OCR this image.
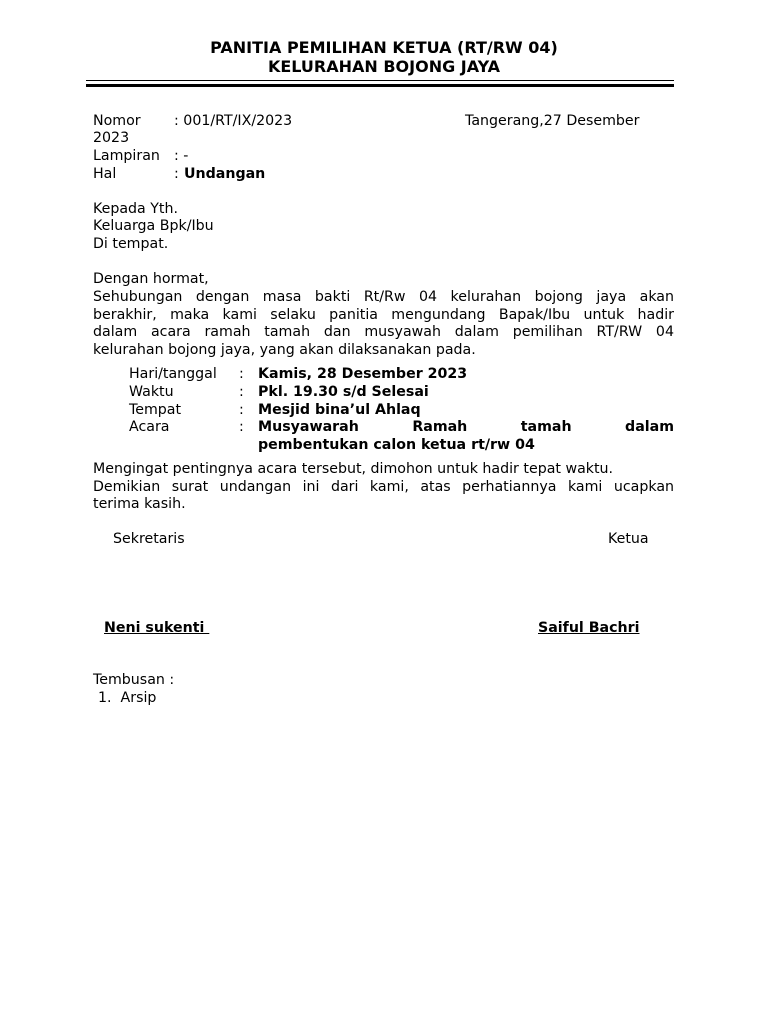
PANITIA PEMILIHAN KETUA (RT/RW 04)
KELURAHAN BOJONG JAYA
Nomor : 001/RT/IX/2023	Tangerang,27 Desember
2023
Lampiran : -
Hal	: Undangan
Kepada Yth.
Keluarga Bpk/Ibu
Di tempat.
Dengan hormat,
Sehubungan dengan masa bakti Rt/Rw 04 kelurahan bojong jaya akan
berakhir, maka kami selaku panitia mengundang Bapak/Ibu untuk hadir
dalam acara ramah tamah dan musyawah dalam pemilihan RT/RW 04
kelurahan bojong jaya, yang akan dilaksanakan pada.
Hari/tanggal : Kamis, 28 Desember 2023
Waktu	: Pkl. 19.30 s/d Selesai
Tempat	: Mesjid bina’ul Ahlaq
Acara	: Musyawarah Ramah tamah dalam
pembentukan calon ketua rt/rw 04
Mengingat pentingnya acara tersebut, dimohon untuk hadir tepat waktu.
Demikian surat undangan ini dari kami, atas perhatiannya kami ucapkan
terima kasih.
Sekretaris	Ketua
Neni sukenti	Saiful Bachri
Tembusan :
1.  Arsip
